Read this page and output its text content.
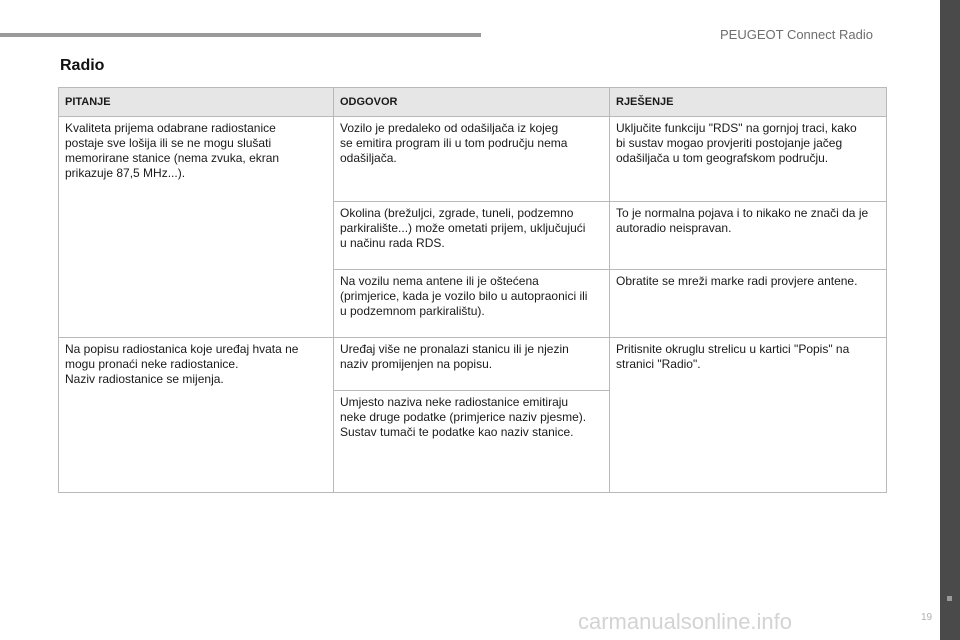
PEUGEOT Connect Radio
19
Radio
PITANJE	ODGOVOR	RJEŠENJE

Kvaliteta prijema odabrane radiostanice
postaje sve lošija ili se ne mogu slušati
memorirane stanice (nema zvuka, ekran
prikazuje 87,5 MHz...).	Vozilo je predaleko od odašiljača iz kojeg
se emitira program ili u tom području nema
odašiljača.	Uključite funkciju "RDS" na gornjoj traci, kako
bi sustav mogao provjeriti postojanje jačeg
odašiljača u tom geografskom području.

	Okolina (brežuljci, zgrade, tuneli, podzemno
parkiralište...) može ometati prijem, uključujući
u načinu rada RDS.	To je normalna pojava i to nikako ne znači da je
autoradio neispravan.

	Na vozilu nema antene ili je oštećena
(primjerice, kada je vozilo bilo u autopraonici ili
u podzemnom parkiralištu).	Obratite se mreži marke radi provjere antene.

Na popisu radiostanica koje uređaj hvata ne
mogu pronaći neke radiostanice.
Naziv radiostanice se mijenja.	Uređaj više ne pronalazi stanicu ili je njezin
naziv promijenjen na popisu.	Pritisnite okruglu strelicu u kartici "Popis" na
stranici "Radio".

	Umjesto naziva neke radiostanice emitiraju
neke druge podatke (primjerice naziv pjesme).
Sustav tumači te podatke kao naziv stanice.	
carmanualsonline.info
